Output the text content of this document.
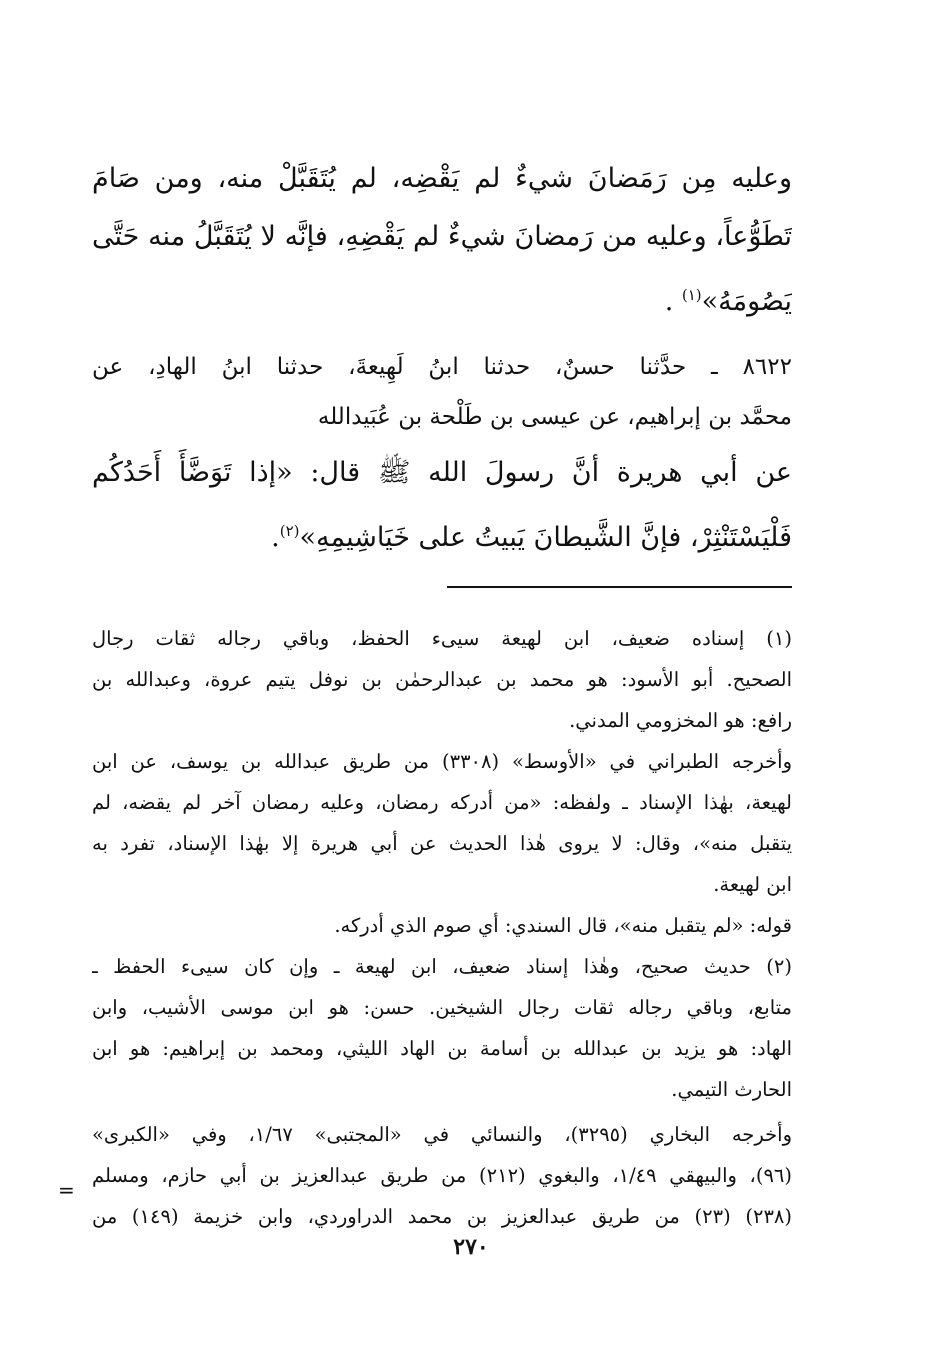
وعليه مِن رَمَضانَ شيءٌ لم يَقْضِه، لم يُتَقَبَّلْ منه، ومن صَامَ
تَطَوُّعاً، وعليه من رَمضانَ شيءٌ لم يَقْضِهِ، فإنَّه لا يُتَقَبَّلُ منه حَتَّى
يَصُومَهُ»$^{(١)}$ .
٨٦٢٢ ـ حدَّثنا حسنٌ، حدثنا ابنُ لَهِيعةَ، حدثنا ابنُ الهادِ، عن
محمَّد بن إبراهيم، عن عيسى بن طَلْحة بن عُبَيدالله
عن أبي هريرة أنَّ رسولَ الله ﷺ قال: «إذا تَوَضَّأَ أَحَدُكُم
فَلْيَسْتَنْثِرْ، فإنَّ الشَّيطانَ يَبيتُ على خَيَاشِيمِهِ»$^{(٢)}$.
(١) إسناده ضعيف، ابن لهيعة سيىء الحفظ، وباقي رجاله ثقات رجال
الصحيح. أبو الأسود: هو محمد بن عبدالرحمٰن بن نوفل يتيم عروة، وعبدالله بن
رافع: هو المخزومي المدني.
وأخرجه الطبراني في «الأوسط» (٣٣٠٨) من طريق عبدالله بن يوسف، عن ابن
لهيعة، بهٰذا الإسناد ـ ولفظه: «من أدركه رمضان، وعليه رمضان آخر لم يقضه، لم
يتقبل منه»، وقال: لا يروى هٰذا الحديث عن أبي هريرة إلا بهٰذا الإسناد، تفرد به
ابن لهيعة.
قوله: «لم يتقبل منه»، قال السندي: أي صوم الذي أدركه.
(٢) حديث صحيح، وهٰذا إسناد ضعيف، ابن لهيعة ـ وإن كان سيىء الحفظ ـ
متابع، وباقي رجاله ثقات رجال الشيخين. حسن: هو ابن موسى الأشيب، وابن
الهاد: هو يزيد بن عبدالله بن أسامة بن الهاد الليثي، ومحمد بن إبراهيم: هو ابن
الحارث التيمي.
وأخرجه البخاري (٣٢٩٥)، والنسائي في «المجتبى» ١/٦٧، وفي «الكبرى»
(٩٦)، والبيهقي ١/٤٩، والبغوي (٢١٢) من طريق عبدالعزيز بن أبي حازم، ومسلم
(٢٣٨) (٢٣) من طريق عبدالعزيز بن محمد الدراوردي، وابن خزيمة (١٤٩) من
=
٢٧٠
